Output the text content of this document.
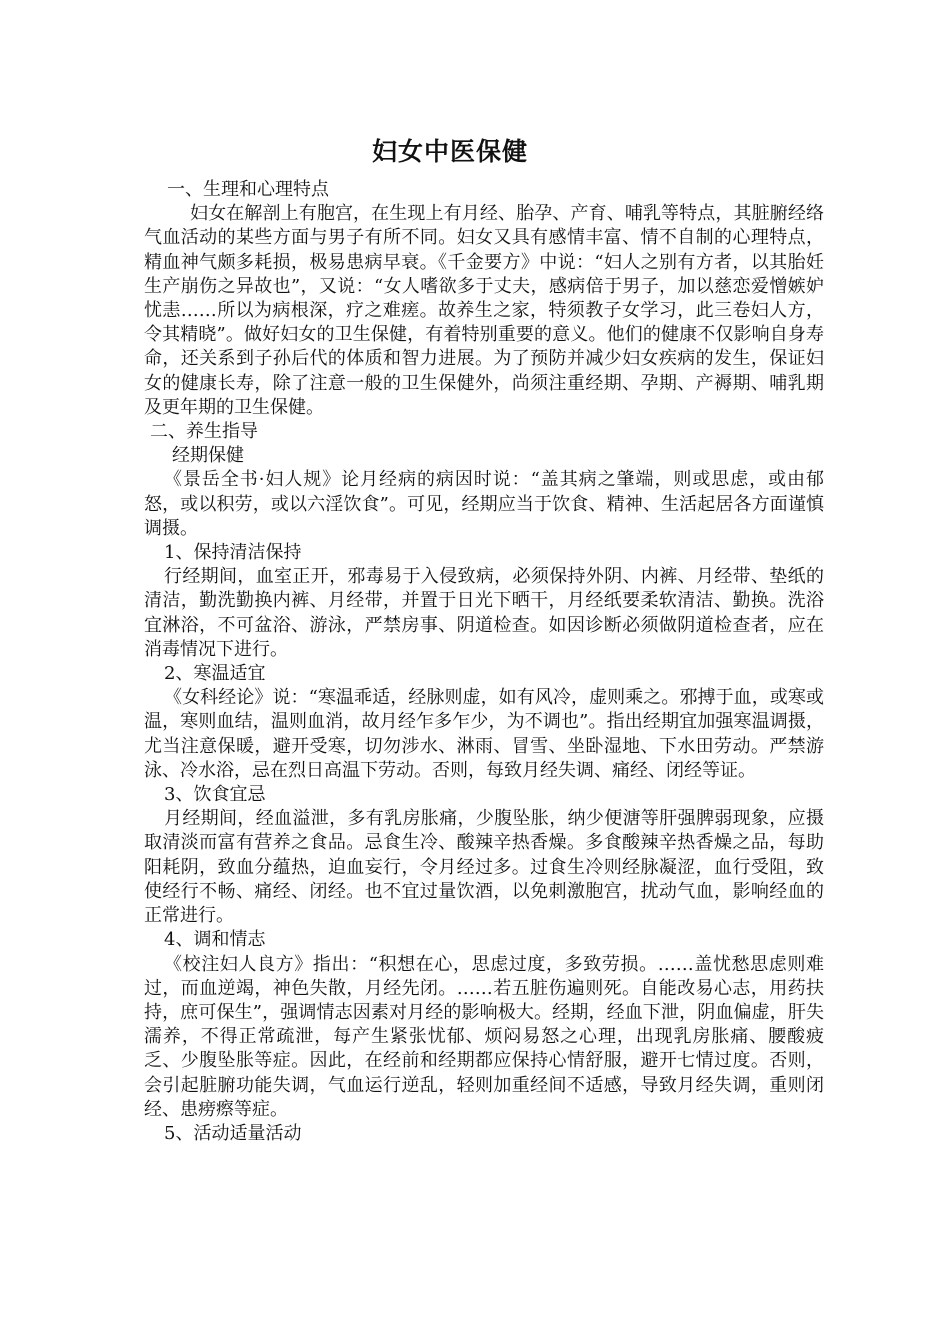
妇女中医保健

一、生理和心理特点

妇女在解剖上有胞宫，在生现上有月经、胎孕、产育、哺乳等特点，其脏腑经络气血活动的某些方面与男子有所不同。妇女又具有感情丰富、情不自制的心理特点，精血神气颇多耗损，极易患病早衰。《千金要方》中说：“妇人之别有方者，以其胎妊生产崩伤之异故也”，又说：“女人嗜欲多于丈夫，感病倍于男子，加以慈恋爱憎嫉妒忧恚……所以为病根深，疗之难瘥。故养生之家，特须教子女学习，此三卷妇人方，令其精晓”。做好妇女的卫生保健，有着特别重要的意义。他们的健康不仅影响自身寿命，还关系到子孙后代的体质和智力进展。为了预防并减少妇女疾病的发生，保证妇女的健康长寿，除了注意一般的卫生保健外，尚须注重经期、孕期、产褥期、哺乳期及更年期的卫生保健。

二、养生指导

经期保健

《景岳全书·妇人规》论月经病的病因时说：“盖其病之肇端，则或思虑，或由郁怒，或以积劳，或以六淫饮食”。可见，经期应当于饮食、精神、生活起居各方面谨慎调摄。

1、保持清洁保持

行经期间，血室正开，邪毒易于入侵致病，必须保持外阴、内裤、月经带、垫纸的清洁，勤洗勤换内裤、月经带，并置于日光下晒干，月经纸要柔软清洁、勤换。洗浴宜淋浴，不可盆浴、游泳，严禁房事、阴道检查。如因诊断必须做阴道检查者，应在消毒情况下进行。

2、寒温适宜

《女科经论》说：“寒温乖适，经脉则虚，如有风冷，虚则乘之。邪搏于血，或寒或温，寒则血结，温则血消，故月经乍多乍少，为不调也”。指出经期宜加强寒温调摄，尤当注意保暖，避开受寒，切勿涉水、淋雨、冒雪、坐卧湿地、下水田劳动。严禁游泳、冷水浴，忌在烈日高温下劳动。否则，每致月经失调、痛经、闭经等证。

3、饮食宜忌

月经期间，经血溢泄，多有乳房胀痛，少腹坠胀，纳少便溏等肝强脾弱现象，应摄取清淡而富有营养之食品。忌食生冷、酸辣辛热香燥。多食酸辣辛热香燥之品，每助阳耗阴，致血分蕴热，迫血妄行，令月经过多。过食生冷则经脉凝涩，血行受阻，致使经行不畅、痛经、闭经。也不宜过量饮酒，以免刺激胞宫，扰动气血，影响经血的正常进行。

4、调和情志

《校注妇人良方》指出：“积想在心，思虑过度，多致劳损。……盖忧愁思虑则难过，而血逆竭，神色失散，月经先闭。……若五脏伤遍则死。自能改易心志，用药扶持，庶可保生”，强调情志因素对月经的影响极大。经期，经血下泄，阴血偏虚，肝失濡养，不得正常疏泄，每产生紧张忧郁、烦闷易怒之心理，出现乳房胀痛、腰酸疲乏、少腹坠胀等症。因此，在经前和经期都应保持心情舒服，避开七情过度。否则，会引起脏腑功能失调，气血运行逆乱，轻则加重经间不适感，导致月经失调，重则闭经、患痨瘵等症。

5、活动适量活动
